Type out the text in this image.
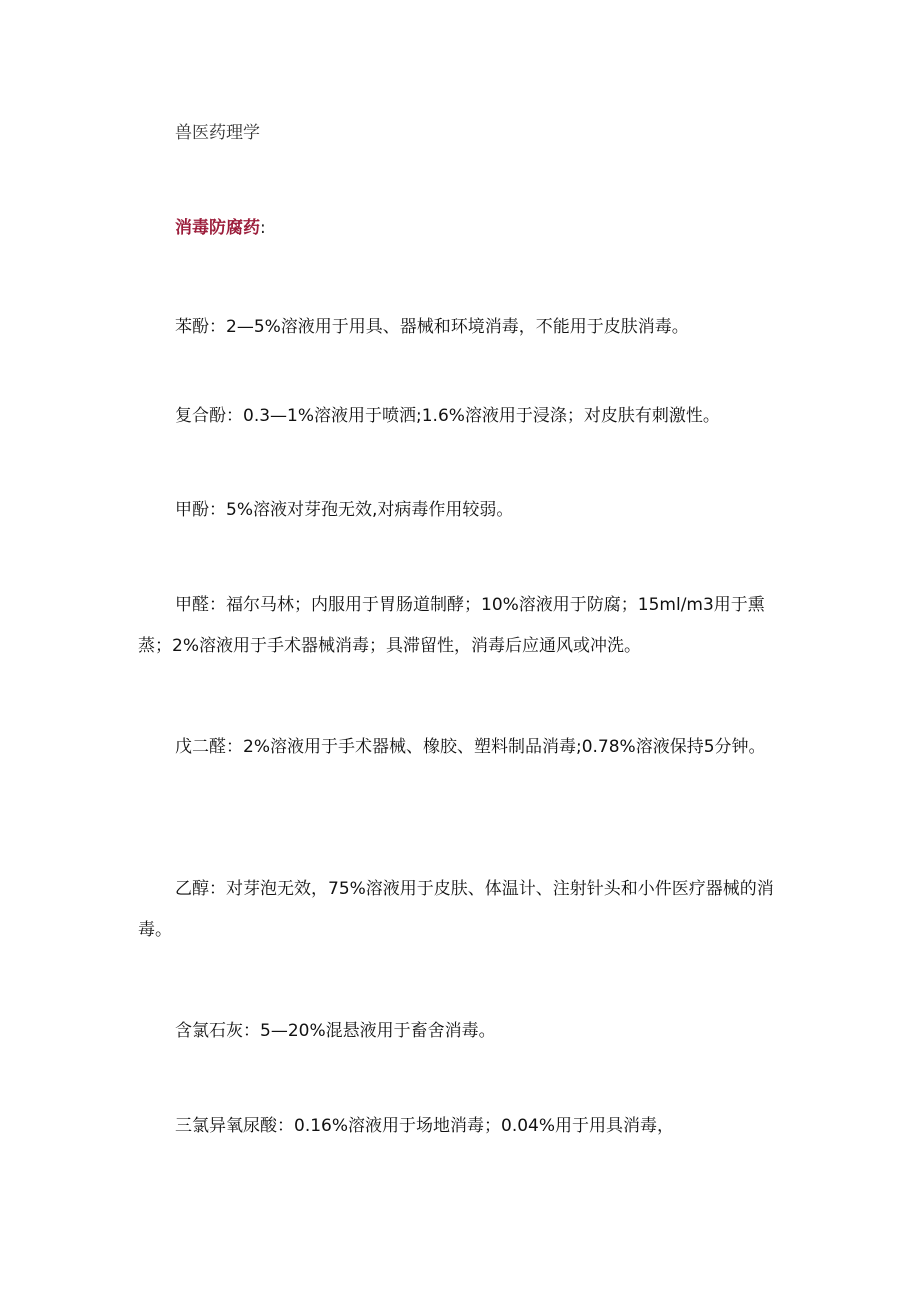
兽医药理学
消毒防腐药:

苯酚：2—5%溶液用于用具、器械和环境消毒，不能用于皮肤消毒。

复合酚：0.3—1%溶液用于喷洒;1.6%溶液用于浸涤；对皮肤有刺激性。

甲酚：5%溶液对芽孢无效,对病毒作用较弱。

甲醛：福尔马林；内服用于胃肠道制酵；10%溶液用于防腐；15ml/m3用于熏蒸；2%溶液用于手术器械消毒；具滞留性，消毒后应通风或冲洗。

戊二醛：2%溶液用于手术器械、橡胶、塑料制品消毒;0.78%溶液保持5分钟。

乙醇：对芽泡无效，75%溶液用于皮肤、体温计、注射针头和小件医疗器械的消毒。

含氯石灰：5—20%混悬液用于畜舍消毒。

三氯异氧尿酸：0.16%溶液用于场地消毒；0.04%用于用具消毒，
